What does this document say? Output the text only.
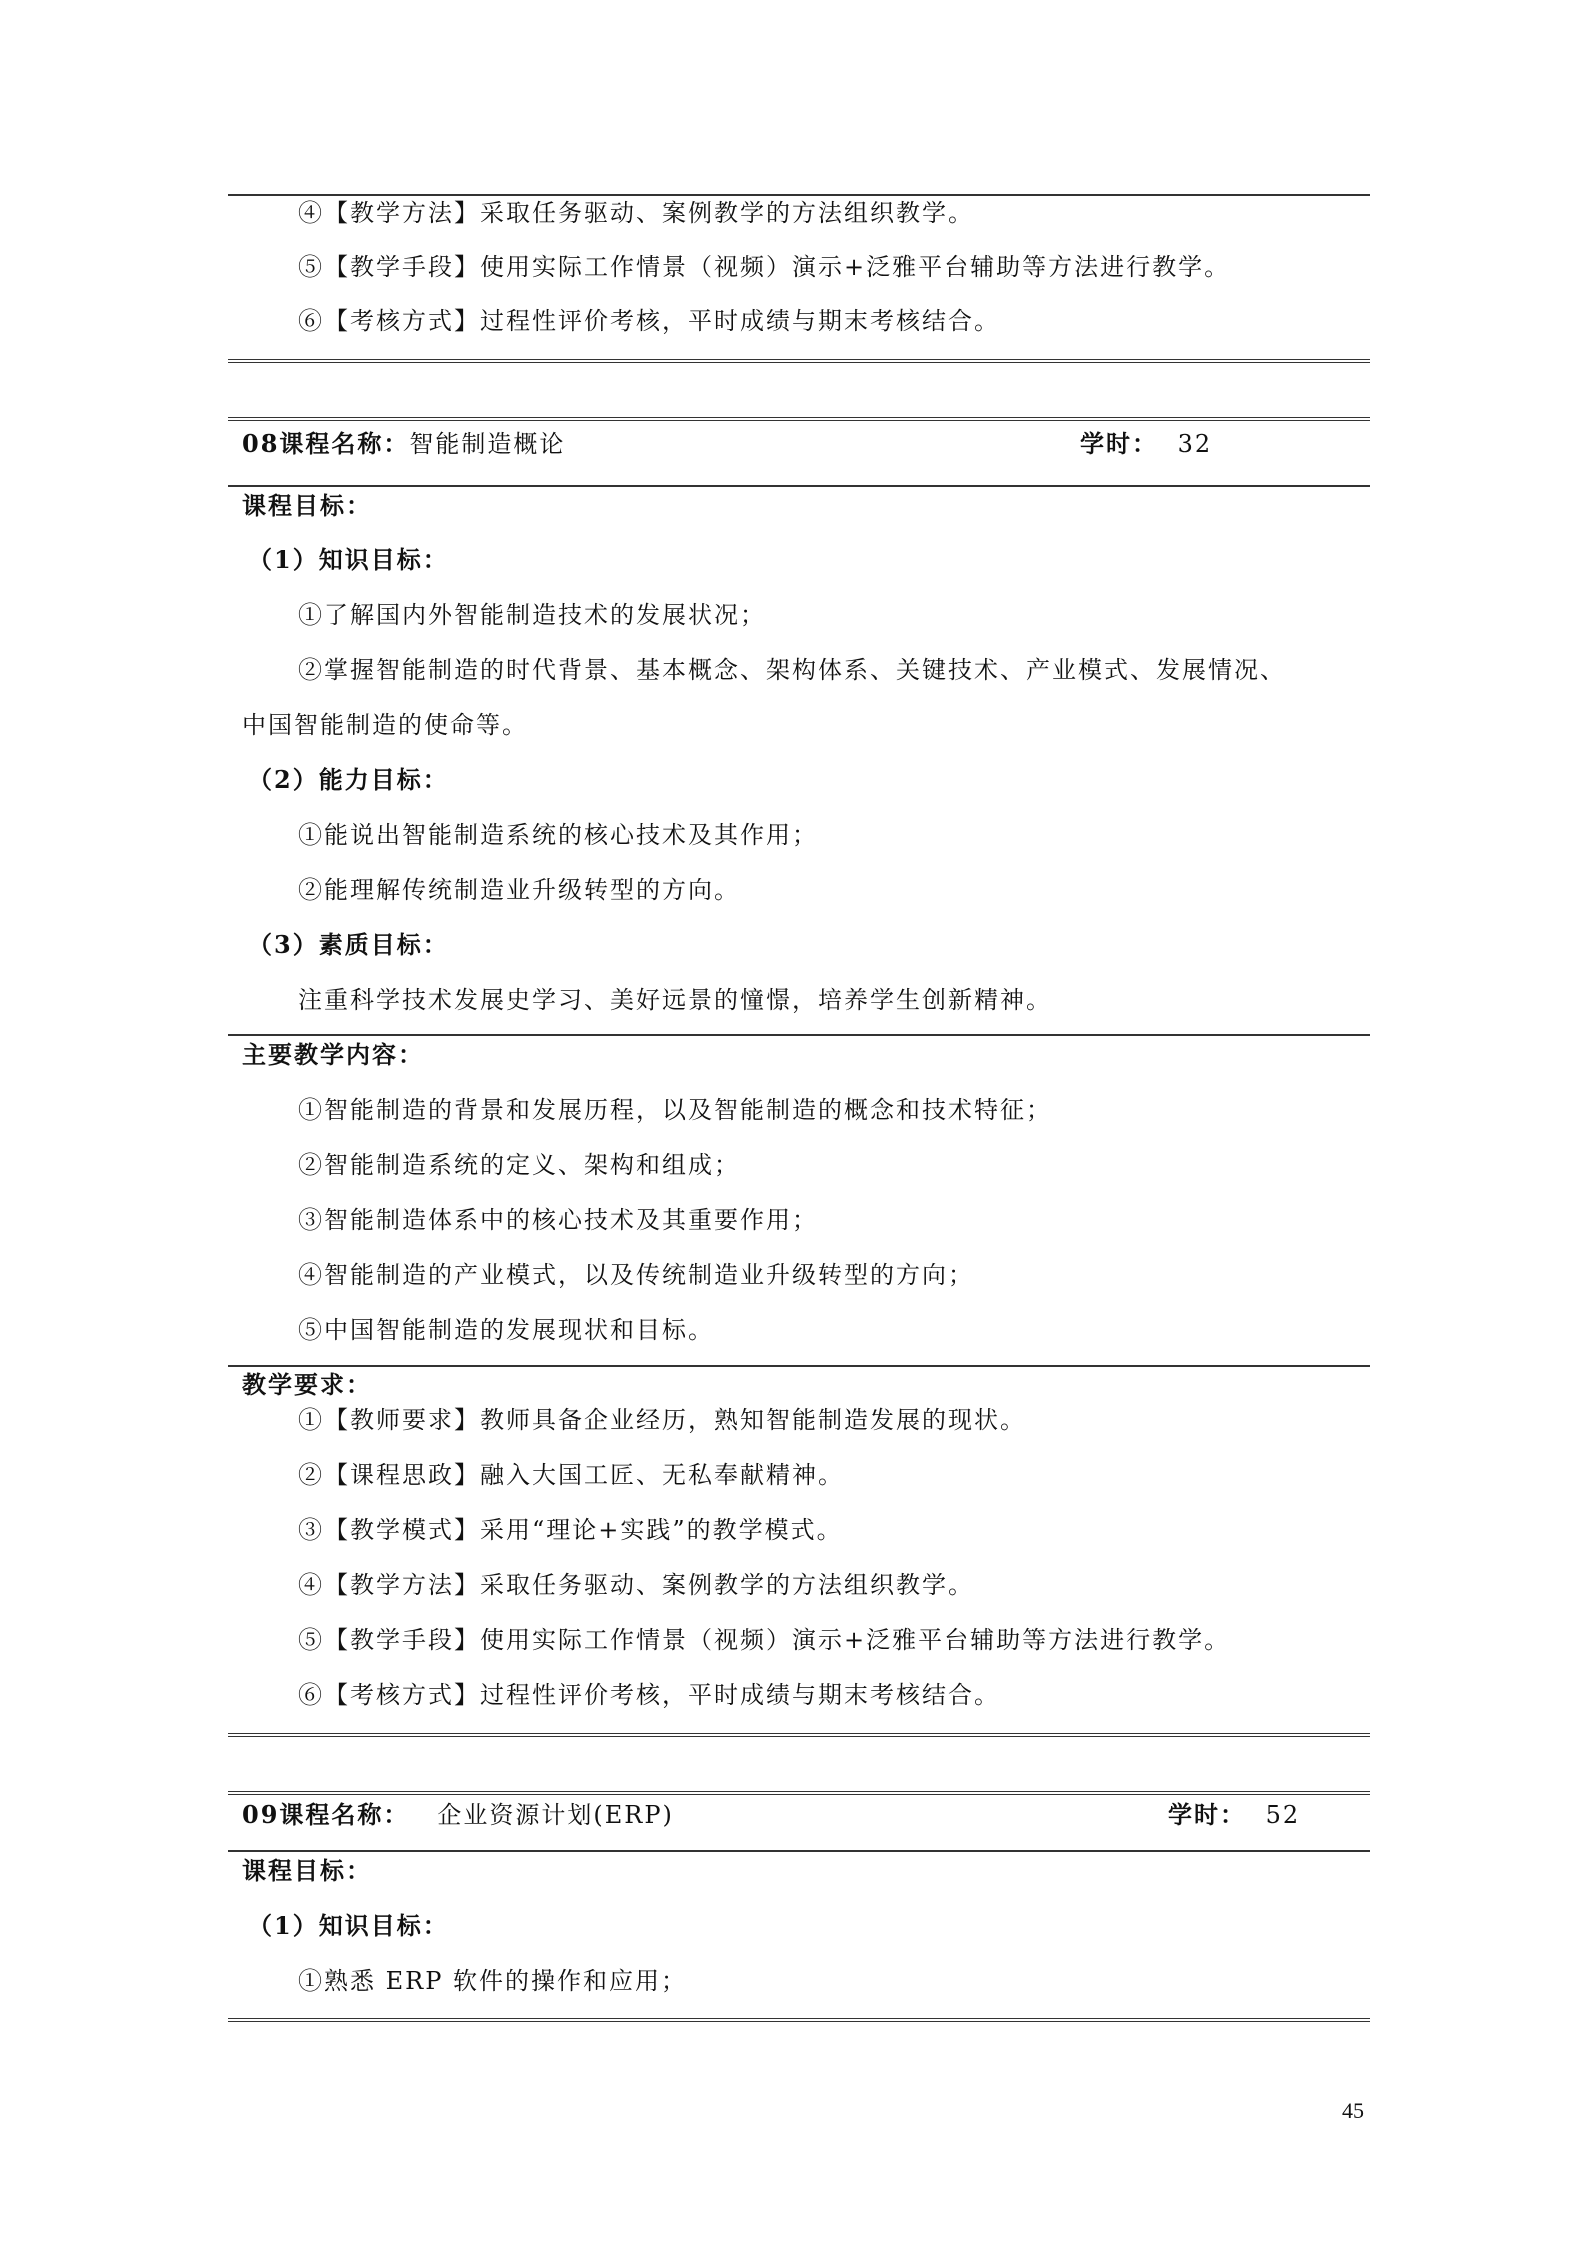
④【教学方法】采取任务驱动、案例教学的方法组织教学。
⑤【教学手段】使用实际工作情景（视频）演示+泛雅平台辅助等方法进行教学。
⑥【考核方式】过程性评价考核，平时成绩与期末考核结合。
08课程名称：智能制造概论	学时： 32
课程目标：
（1）知识目标：
①了解国内外智能制造技术的发展状况；
②掌握智能制造的时代背景、基本概念、架构体系、关键技术、产业模式、发展情况、
中国智能制造的使命等。
（2）能力目标：
①能说出智能制造系统的核心技术及其作用；
②能理解传统制造业升级转型的方向。
（3）素质目标：
注重科学技术发展史学习、美好远景的憧憬，培养学生创新精神。
主要教学内容：
①智能制造的背景和发展历程，以及智能制造的概念和技术特征；
②智能制造系统的定义、架构和组成；
③智能制造体系中的核心技术及其重要作用；
④智能制造的产业模式，以及传统制造业升级转型的方向；
⑤中国智能制造的发展现状和目标。
教学要求：
①【教师要求】教师具备企业经历，熟知智能制造发展的现状。
②【课程思政】融入大国工匠、无私奉献精神。
③【教学模式】采用“理论+实践”的教学模式。
④【教学方法】采取任务驱动、案例教学的方法组织教学。
⑤【教学手段】使用实际工作情景（视频）演示+泛雅平台辅助等方法进行教学。
⑥【考核方式】过程性评价考核，平时成绩与期末考核结合。
09课程名称： 企业资源计划(ERP)	学时： 52
课程目标：
（1）知识目标：
①熟悉 ERP 软件的操作和应用；
45
